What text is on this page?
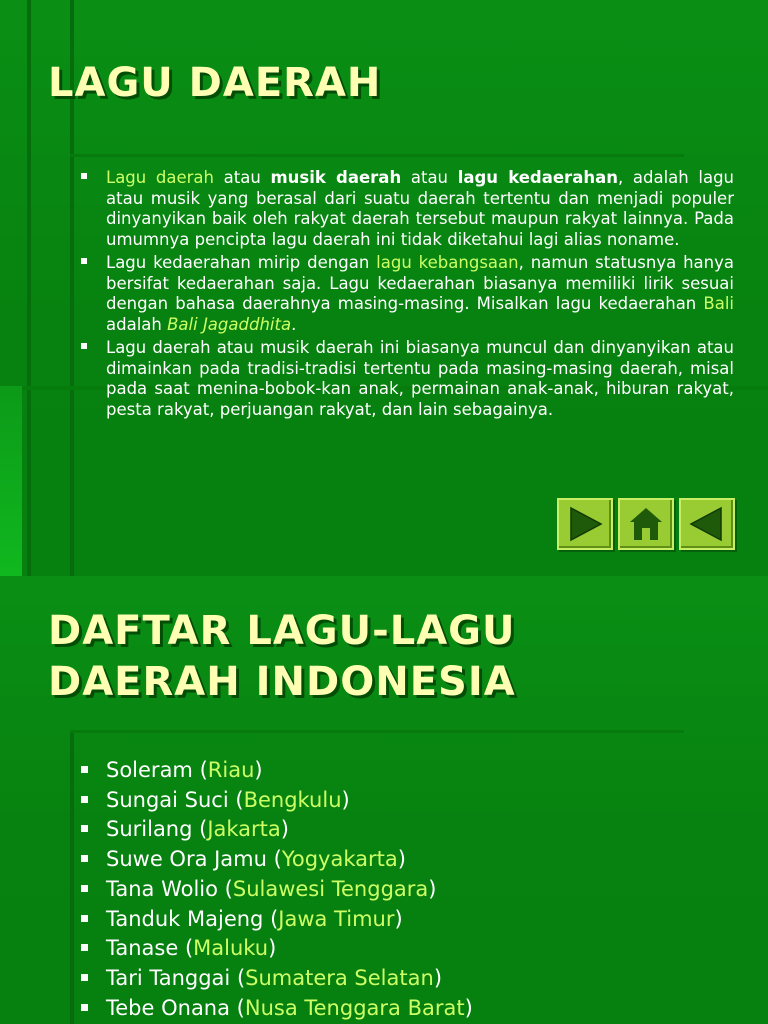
LAGU DAERAH
Lagu daerah atau musik daerah atau lagu kedaerahan, adalah lagu atau musik yang berasal dari suatu daerah tertentu dan menjadi populer dinyanyikan baik oleh rakyat daerah tersebut maupun rakyat lainnya. Pada umumnya pencipta lagu daerah ini tidak diketahui lagi alias noname.
Lagu kedaerahan mirip dengan lagu kebangsaan, namun statusnya hanya bersifat kedaerahan saja. Lagu kedaerahan biasanya memiliki lirik sesuai dengan bahasa daerahnya masing-masing. Misalkan lagu kedaerahan Bali adalah Bali Jagaddhita.
Lagu daerah atau musik daerah ini biasanya muncul dan dinyanyikan atau dimainkan pada tradisi-tradisi tertentu pada masing-masing daerah, misal pada saat menina-bobok-kan anak, permainan anak-anak, hiburan rakyat, pesta rakyat, perjuangan rakyat, dan lain sebagainya.
DAFTAR LAGU-LAGU
DAERAH INDONESIA
Soleram (Riau)
Sungai Suci (Bengkulu)
Surilang (Jakarta)
Suwe Ora Jamu (Yogyakarta)
Tana Wolio (Sulawesi Tenggara)
Tanduk Majeng (Jawa Timur)
Tanase (Maluku)
Tari Tanggai (Sumatera Selatan)
Tebe Onana (Nusa Tenggara Barat)
